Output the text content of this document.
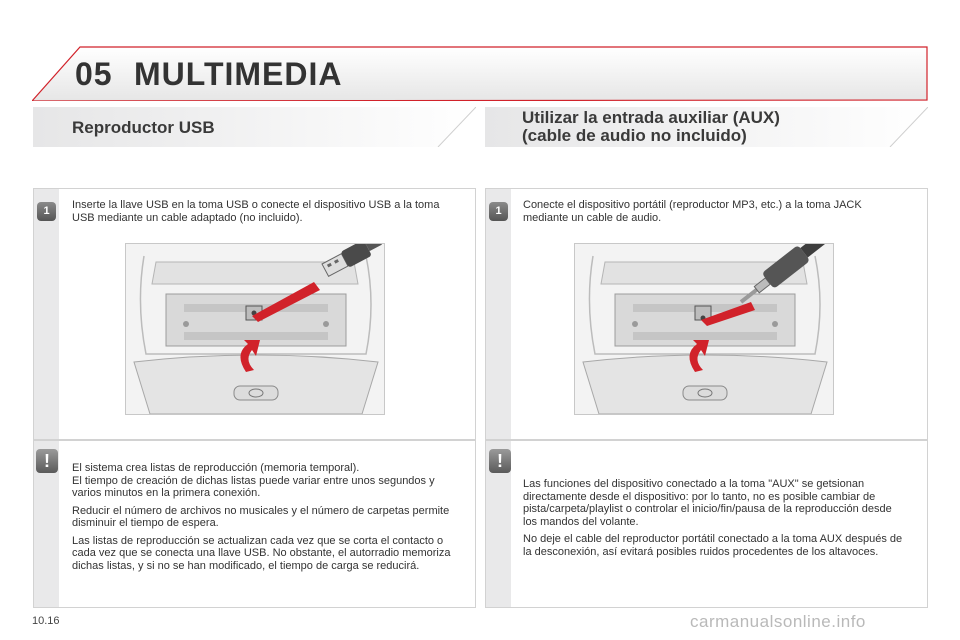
05 MULTIMEDIA
Reproductor USB
Utilizar la entrada auxiliar (AUX)
(cable de audio no incluido)
1	Inserte la llave USB en la toma USB o conecte el dispositivo USB a la toma USB mediante un cable adaptado (no incluido).
!	El sistema crea listas de reproducción (memoria temporal).

El tiempo de creación de dichas listas puede variar entre unos segundos y varios minutos en la primera conexión.

Reducir el número de archivos no musicales y el número de carpetas permite disminuir el tiempo de espera.

Las listas de reproducción se actualizan cada vez que se corta el contacto o cada vez que se conecta una llave USB. No obstante, el autorradio memoriza dichas listas, y si no se han modificado, el tiempo de carga se reducirá.

1	Conecte el dispositivo portátil (reproductor MP3, etc.) a la toma JACK mediante un cable de audio.
!

Las funciones del dispositivo conectado a la toma "AUX" se getsionan directamente desde el dispositivo: por lo tanto, no es posible cambiar de pista/carpeta/playlist o controlar el inicio/fin/pausa de la reproducción desde los mandos del volante.

No deje el cable del reproductor portátil conectado a la toma AUX después de la desconexión, así evitará posibles ruidos procedentes de los altavoces.

10.16	carmanualsonline.info
